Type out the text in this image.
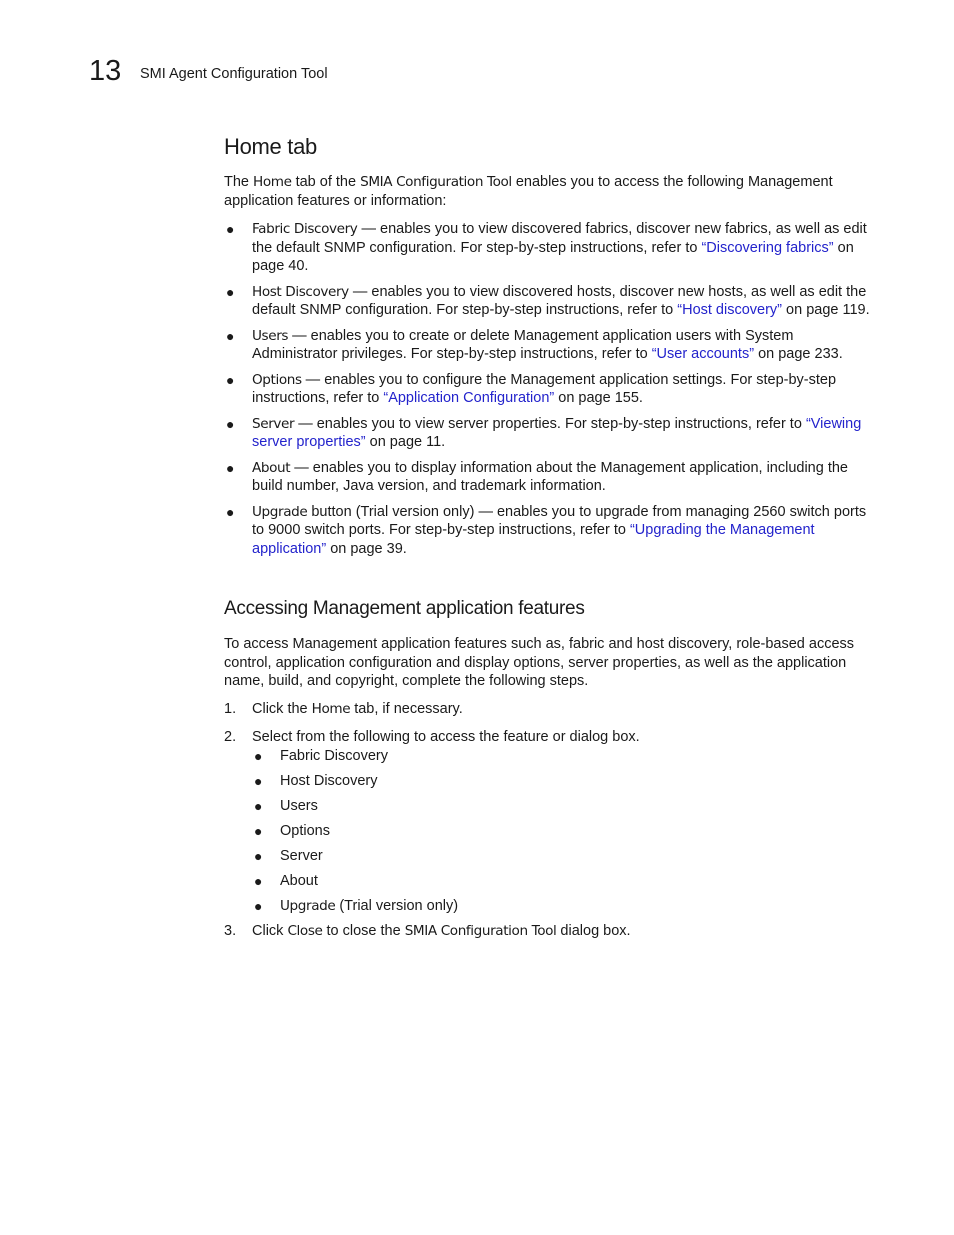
13 SMI Agent Configuration Tool
Home tab

The Home tab of the SMIA Configuration Tool enables you to access the following Management application features or information:

● Fabric Discovery — enables you to view discovered fabrics, discover new fabrics, as well as edit the default SNMP configuration. For step-by-step instructions, refer to “Discovering fabrics” on page 40.
● Host Discovery — enables you to view discovered hosts, discover new hosts, as well as edit the default SNMP configuration. For step-by-step instructions, refer to “Host discovery” on page 119.
● Users — enables you to create or delete Management application users with System Administrator privileges. For step-by-step instructions, refer to “User accounts” on page 233.
● Options — enables you to configure the Management application settings. For step-by-step instructions, refer to “Application Configuration” on page 155.
● Server — enables you to view server properties. For step-by-step instructions, refer to “Viewing server properties” on page 11.
● About — enables you to display information about the Management application, including the build number, Java version, and trademark information.
● Upgrade button (Trial version only) — enables you to upgrade from managing 2560 switch ports to 9000 switch ports. For step-by-step instructions, refer to “Upgrading the Management application” on page 39.
Accessing Management application features

To access Management application features such as, fabric and host discovery, role-based access control, application configuration and display options, server properties, as well as the application name, build, and copyright, complete the following steps.

1. Click the Home tab, if necessary.
2. Select from the following to access the feature or dialog box.
● Fabric Discovery
● Host Discovery
● Users
● Options
● Server
● About
● Upgrade (Trial version only)
3. Click Close to close the SMIA Configuration Tool dialog box.
